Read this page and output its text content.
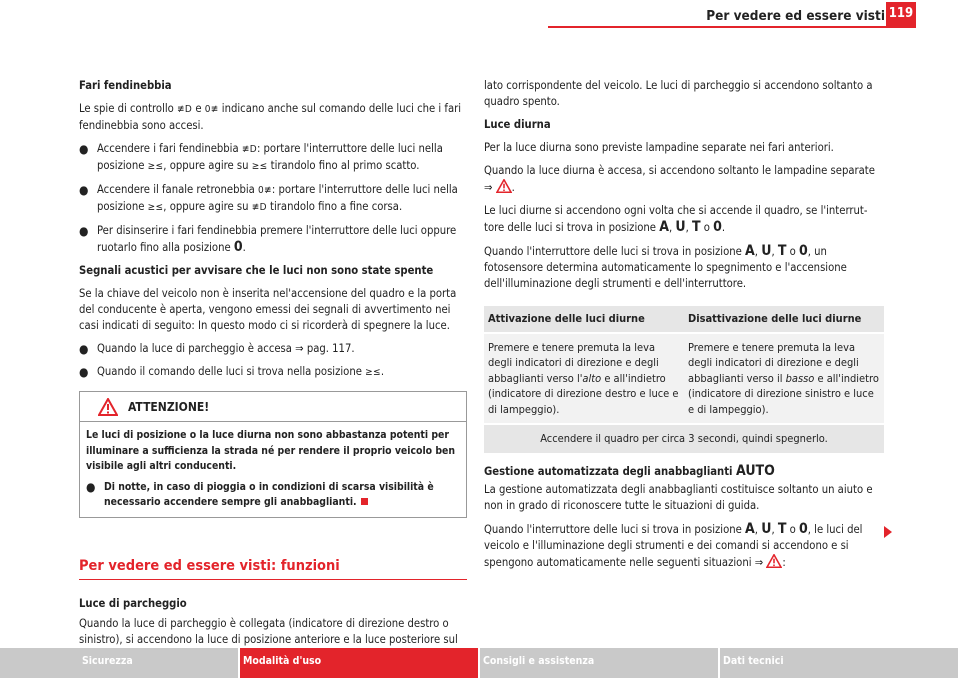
Per vedere ed essere visti 119

Fari fendinebbia

Le spie di controllo ≢D e 0≢ indicano anche sul comando delle luci che i fari fendinebbia sono accesi.

● Accendere i fari fendinebbia ≢D: portare l'interruttore delle luci nella posizione ≥≤, oppure agire su ≥≤ tirandolo fino al primo scatto.
● Accendere il fanale retronebbia 0≢: portare l'interruttore delle luci nella posizione ≥≤, oppure agire su ≢D tirandolo fino a fine corsa.
● Per disinserire i fari fendinebbia premere l'interruttore delle luci oppure ruotarlo fino alla posizione 0.

Segnali acustici per avvisare che le luci non sono state spente

Se la chiave del veicolo non è inserita nel'accensione del quadro e la porta del conducente è aperta, vengono emessi dei segnali di avvertimento nei casi indicati di seguito: In questo modo ci si ricorderà di spegnere la luce.

● Quando la luce di parcheggio è accesa ⇒ pag. 117.
● Quando il comando delle luci si trova nella posizione ≥≤.
ATTENZIONE!

Le luci di posizione o la luce diurna non sono abbastanza potenti per illuminare a sufficienza la strada né per rendere il proprio veicolo ben visibile agli altri conducenti.

● Di notte, in caso di pioggia o in condizioni di scarsa visibilità è necessario accendere sempre gli anabbaglianti.
Per vedere ed essere visti: funzioni

Luce di parcheggio

Quando la luce di parcheggio è collegata (indicatore di direzione destro o sinistro), si accendono la luce di posizione anteriore e la luce posteriore sul

lato corrispondente del veicolo. Le luci di parcheggio si accendono soltanto a quadro spento.

Luce diurna

Per la luce diurna sono previste lampadine separate nei fari anteriori.

Quando la luce diurna è accesa, si accendono soltanto le lampadine separate
⇒ .

Le luci diurne si accendono ogni volta che si accende il quadro, se l'interruttore delle luci si trova in posizione A, U, T o 0.

Quando l'interruttore delle luci si trova in posizione A, U, T o 0, un fotosensore determina automaticamente lo spegnimento e l'accensione dell'illuminazione degli strumenti e dell'interruttore.

Attivazione delle luci diurne	Disattivazione delle luci diurne
Premere e tenere premuta la leva degli indicatori di direzione e degli abbaglianti verso l'alto e all'indietro (indicatore di direzione destro e luce e di lampeggio).	Premere e tenere premuta la leva degli indicatori di direzione e degli abbaglianti verso il basso e all'indietro (indicatore di direzione sinistro e luce e di lampeggio).
Accendere il quadro per circa 3 secondi, quindi spegnerlo.	

Gestione automatizzata degli anabbaglianti AUTO

La gestione automatizzata degli anabbaglianti costituisce soltanto un aiuto e non in grado di riconoscere tutte le situazioni di guida.

Quando l'interruttore delle luci si trova in posizione A, U, T o 0, le luci del veicolo e l'illuminazione degli strumenti e dei comandi si accendono e si spengono automaticamente nelle seguenti situazioni ⇒ :

Sicurezza	Modalità d'uso	Consigli e assistenza	Dati tecnici
